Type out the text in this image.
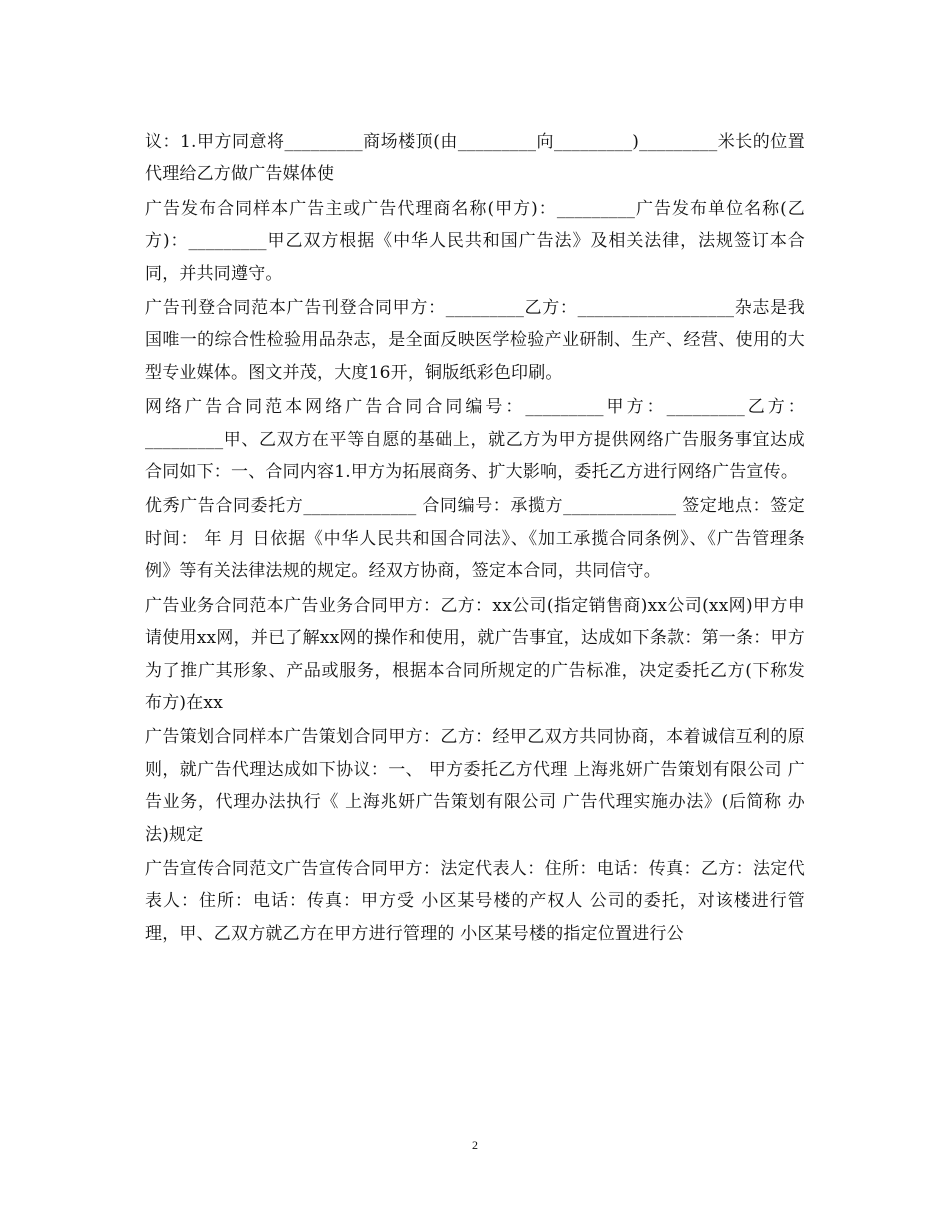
议：1.甲方同意将_________商场楼顶(由_________向_________)_________米长的位置代理给乙方做广告媒体使

广告发布合同样本广告主或广告代理商名称(甲方)：_________广告发布单位名称(乙方)：_________甲乙双方根据《中华人民共和国广告法》及相关法律，法规签订本合同，并共同遵守。

广告刊登合同范本广告刊登合同甲方：_________乙方：__________________杂志是我国唯一的综合性检验用品杂志，是全面反映医学检验产业研制、生产、经营、使用的大型专业媒体。图文并茂，大度16开，铜版纸彩色印刷。

网络广告合同范本网络广告合同合同编号：_________甲方：_________乙方：_________甲、乙双方在平等自愿的基础上，就乙方为甲方提供网络广告服务事宜达成合同如下：一、合同内容1.甲方为拓展商务、扩大影响，委托乙方进行网络广告宣传。

优秀广告合同委托方_____________ 合同编号：承揽方_____________ 签定地点：签定时间： 年 月 日依据《中华人民共和国合同法》、《加工承揽合同条例》、《广告管理条例》等有关法律法规的规定。经双方协商，签定本合同，共同信守。

广告业务合同范本广告业务合同甲方：乙方：xx公司(指定销售商)xx公司(xx网)甲方申请使用xx网，并已了解xx网的操作和使用，就广告事宜，达成如下条款：第一条：甲方为了推广其形象、产品或服务，根据本合同所规定的广告标准，决定委托乙方(下称发布方)在xx

广告策划合同样本广告策划合同甲方：乙方：经甲乙双方共同协商，本着诚信互利的原则，就广告代理达成如下协议：一、 甲方委托乙方代理 上海兆妍广告策划有限公司 广告业务，代理办法执行《 上海兆妍广告策划有限公司 广告代理实施办法》(后简称 办法)规定

广告宣传合同范文广告宣传合同甲方：法定代表人：住所：电话：传真：乙方：法定代表人：住所：电话：传真：甲方受 小区某号楼的产权人 公司的委托，对该楼进行管理，甲、乙双方就乙方在甲方进行管理的 小区某号楼的指定位置进行公

2
